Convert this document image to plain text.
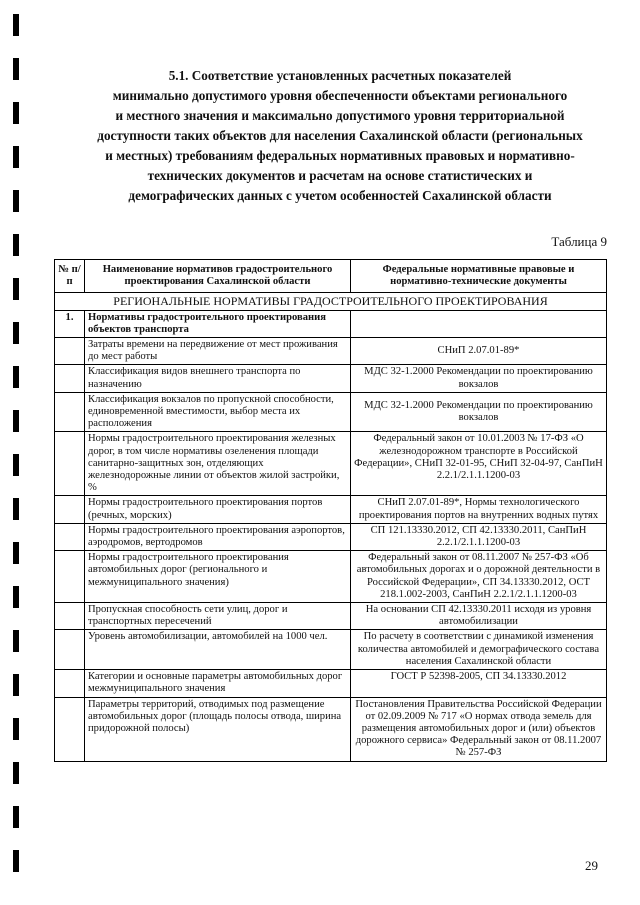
5.1. Соответствие установленных расчетных показателей
минимально допустимого уровня обеспеченности объектами регионального
и местного значения и максимально допустимого уровня территориальной
доступности таких объектов для населения Сахалинской области (региональных
и местных) требованиям федеральных нормативных правовых и нормативно-
технических документов и расчетам на основе статистических и
демографических данных с учетом особенностей Сахалинской области
Таблица 9
№ п/п	Наименование нормативов градостроительного проектирования Сахалинской области	Федеральные нормативные правовые и нормативно-технические документы
РЕГИОНАЛЬНЫЕ НОРМАТИВЫ ГРАДОСТРОИТЕЛЬНОГО ПРОЕКТИРОВАНИЯ		
1.	Нормативы градостроительного проектирования объектов транспорта	
	Затраты времени на передвижение от мест проживания до мест работы	СНиП 2.07.01-89*
	Классификация видов внешнего транспорта по назначению	МДС 32-1.2000 Рекомендации по проектированию вокзалов
	Классификация вокзалов по пропускной способности, единовременной вместимости, выбор места их расположения	МДС 32-1.2000 Рекомендации по проектированию вокзалов
	Нормы градостроительного проектирования железных дорог, в том числе нормативы озеленения площади санитарно-защитных зон, отделяющих железнодорожные линии от объектов жилой застройки, %	Федеральный закон от 10.01.2003 № 17-ФЗ «О железнодорожном транспорте в Российской Федерации», СНиП 32-01-95, СНиП 32-04-97, СанПиН 2.2.1/2.1.1.1200-03
	Нормы градостроительного проектирования портов (речных, морских)	СНиП 2.07.01-89*, Нормы технологического проектирования портов на внутренних водных путях
	Нормы градостроительного проектирования аэропортов, аэродромов, вертодромов	СП 121.13330.2012, СП 42.13330.2011, СанПиН 2.2.1/2.1.1.1200-03
	Нормы градостроительного проектирования автомобильных дорог (регионального и межмуниципального значения)	Федеральный закон от 08.11.2007 № 257-ФЗ «Об автомобильных дорогах и о дорожной деятельности в Российской Федерации», СП 34.13330.2012, ОСТ 218.1.002-2003, СанПиН 2.2.1/2.1.1.1200-03
	Пропускная способность сети улиц, дорог и транспортных пересечений	На основании СП 42.13330.2011 исходя из уровня автомобилизации
	Уровень автомобилизации, автомобилей на 1000 чел.	По расчету в соответствии с динамикой изменения количества автомобилей и демографического состава населения Сахалинской области
	Категории и основные параметры автомобильных дорог межмуниципального значения	ГОСТ Р 52398-2005, СП 34.13330.2012
	Параметры территорий, отводимых под размещение автомобильных дорог (площадь полосы отвода, ширина придорожной полосы)	Постановления Правительства Российской Федерации от 02.09.2009 № 717 «О нормах отвода земель для размещения автомобильных дорог и (или) объектов дорожного сервиса» Федеральный закон от 08.11.2007 № 257-ФЗ
29
